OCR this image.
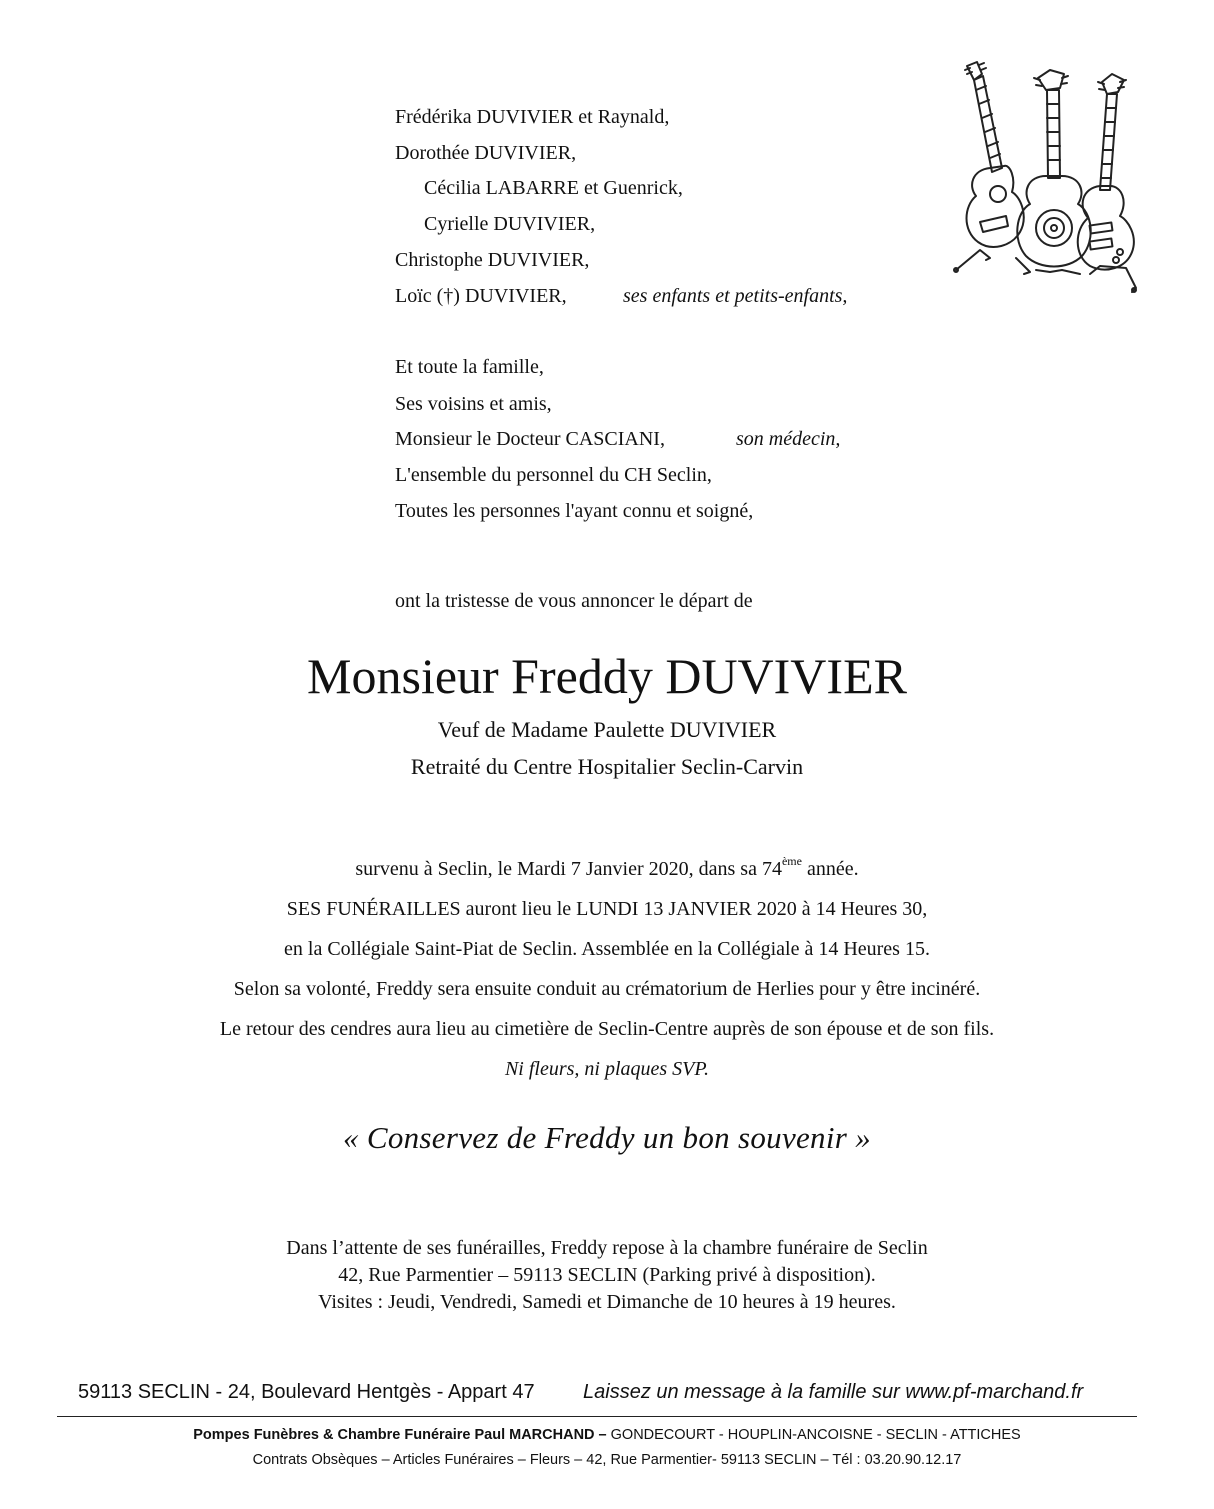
Frédérika DUVIVIER et Raynald,
Dorothée DUVIVIER,
Cécilia LABARRE et Guenrick,
Cyrielle DUVIVIER,
Christophe DUVIVIER,
Loïc (†) DUVIVIER,	ses enfants et petits-enfants,
Et toute la famille,
Ses voisins et amis,
Monsieur le Docteur CASCIANI,	son médecin,
L'ensemble du personnel du CH Seclin,
Toutes les personnes l'ayant connu et soigné,
ont la tristesse de vous annoncer le départ de
Monsieur Freddy DUVIVIER
Veuf de Madame Paulette DUVIVIER
Retraité du Centre Hospitalier Seclin-Carvin
survenu à Seclin, le Mardi 7 Janvier 2020, dans sa 74ème année.
SES FUNÉRAILLES auront lieu le LUNDI 13 JANVIER 2020 à 14 Heures 30,
en la Collégiale Saint-Piat de Seclin. Assemblée en la Collégiale à 14 Heures 15.
Selon sa volonté, Freddy sera ensuite conduit au crématorium de Herlies pour y être incinéré.
Le retour des cendres aura lieu au cimetière de Seclin-Centre auprès de son épouse et de son fils.
Ni fleurs, ni plaques SVP.
« Conservez de Freddy un bon souvenir »
Dans l’attente de ses funérailles, Freddy repose à la chambre funéraire de Seclin
42, Rue Parmentier – 59113 SECLIN (Parking privé à disposition).
Visites : Jeudi, Vendredi, Samedi et Dimanche de 10 heures à 19 heures.
59113 SECLIN - 24, Boulevard Hentgès - Appart 47 Laissez un message à la famille sur www.pf-marchand.fr
Pompes Funèbres & Chambre Funéraire Paul MARCHAND – GONDECOURT - HOUPLIN-ANCOISNE - SECLIN - ATTICHES
Contrats Obsèques – Articles Funéraires – Fleurs – 42, Rue Parmentier- 59113 SECLIN – Tél : 03.20.90.12.17
